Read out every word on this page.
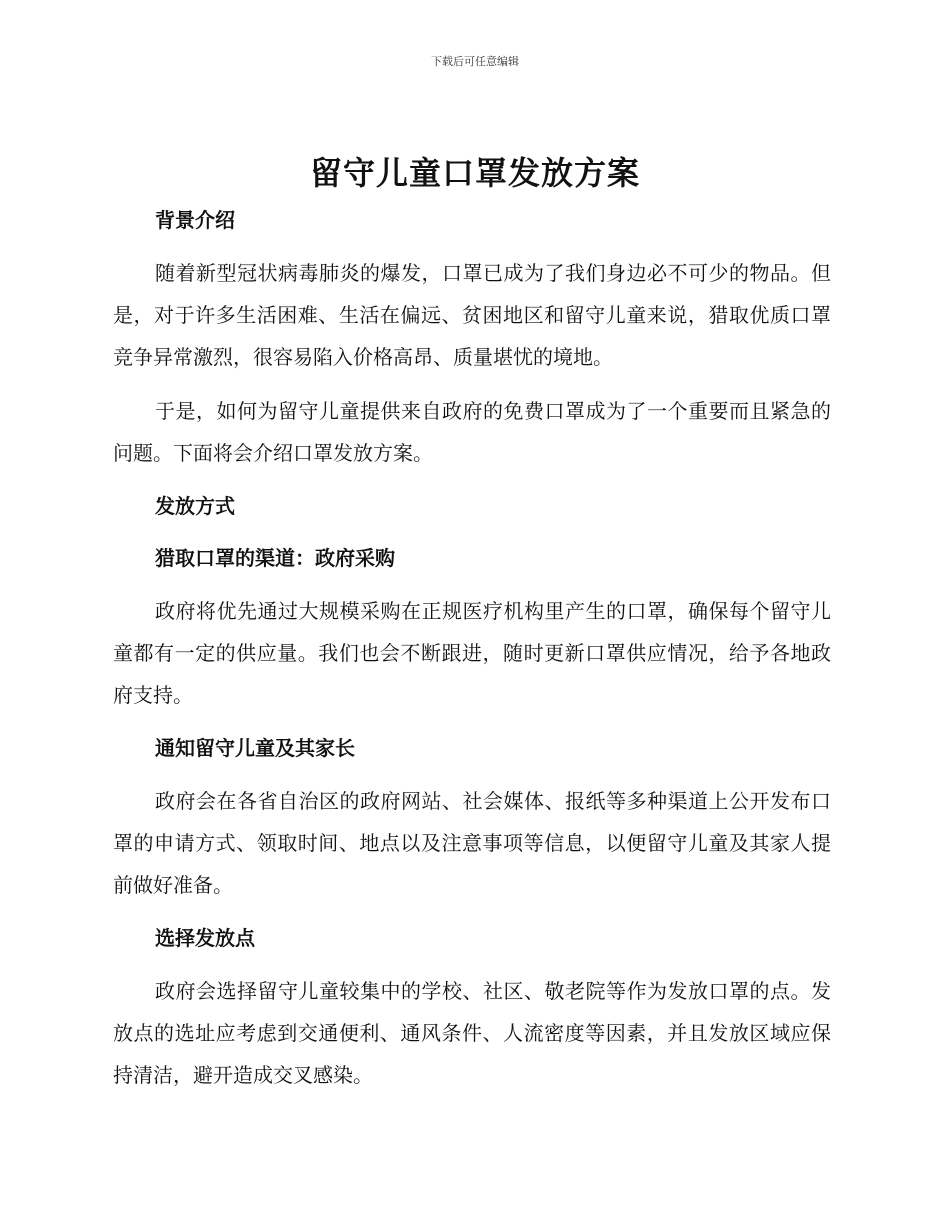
下载后可任意编辑
留守儿童口罩发放方案

背景介绍

随着新型冠状病毒肺炎的爆发，口罩已成为了我们身边必不可少的物品。但是，对于许多生活困难、生活在偏远、贫困地区和留守儿童来说，猎取优质口罩竞争异常激烈，很容易陷入价格高昂、质量堪忧的境地。

于是，如何为留守儿童提供来自政府的免费口罩成为了一个重要而且紧急的问题。下面将会介绍口罩发放方案。

发放方式

猎取口罩的渠道：政府采购

政府将优先通过大规模采购在正规医疗机构里产生的口罩，确保每个留守儿童都有一定的供应量。我们也会不断跟进，随时更新口罩供应情况，给予各地政府支持。

通知留守儿童及其家长

政府会在各省自治区的政府网站、社会媒体、报纸等多种渠道上公开发布口罩的申请方式、领取时间、地点以及注意事项等信息，以便留守儿童及其家人提前做好准备。

选择发放点

政府会选择留守儿童较集中的学校、社区、敬老院等作为发放口罩的点。发放点的选址应考虑到交通便利、通风条件、人流密度等因素，并且发放区域应保持清洁，避开造成交叉感染。
